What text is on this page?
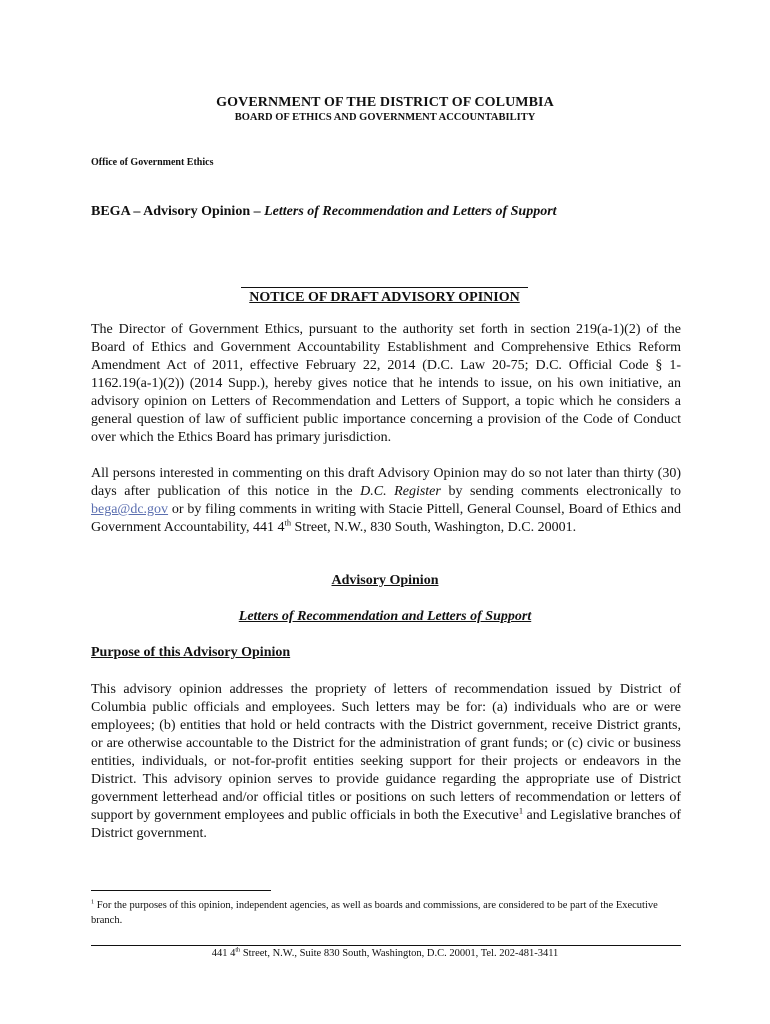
GOVERNMENT OF THE DISTRICT OF COLUMBIA
BOARD OF ETHICS AND GOVERNMENT ACCOUNTABILITY
Office of Government Ethics
BEGA – Advisory Opinion – Letters of Recommendation and Letters of Support
NOTICE OF DRAFT ADVISORY OPINION

The Director of Government Ethics, pursuant to the authority set forth in section 219(a-1)(2) of the Board of Ethics and Government Accountability Establishment and Comprehensive Ethics Reform Amendment Act of 2011, effective February 22, 2014 (D.C. Law 20-75; D.C. Official Code § 1-1162.19(a-1)(2)) (2014 Supp.), hereby gives notice that he intends to issue, on his own initiative, an advisory opinion on Letters of Recommendation and Letters of Support, a topic which he considers a general question of law of sufficient public importance concerning a provision of the Code of Conduct over which the Ethics Board has primary jurisdiction.

All persons interested in commenting on this draft Advisory Opinion may do so not later than thirty (30) days after publication of this notice in the D.C. Register by sending comments electronically to bega@dc.gov or by filing comments in writing with Stacie Pittell, General Counsel, Board of Ethics and Government Accountability, 441 4th Street, N.W., 830 South, Washington, D.C. 20001.

Advisory Opinion
Letters of Recommendation and Letters of Support
Purpose of this Advisory Opinion

This advisory opinion addresses the propriety of letters of recommendation issued by District of Columbia public officials and employees. Such letters may be for: (a) individuals who are or were employees; (b) entities that hold or held contracts with the District government, receive District grants, or are otherwise accountable to the District for the administration of grant funds; or (c) civic or business entities, individuals, or not-for-profit entities seeking support for their projects or endeavors in the District. This advisory opinion serves to provide guidance regarding the appropriate use of District government letterhead and/or official titles or positions on such letters of recommendation or letters of support by government employees and public officials in both the Executive$^1$ and Legislative branches of District government.

$^1$ For the purposes of this opinion, independent agencies, as well as boards and commissions, are considered to be part of the Executive branch.

441 4th Street, N.W., Suite 830 South, Washington, D.C. 20001, Tel. 202-481-3411
